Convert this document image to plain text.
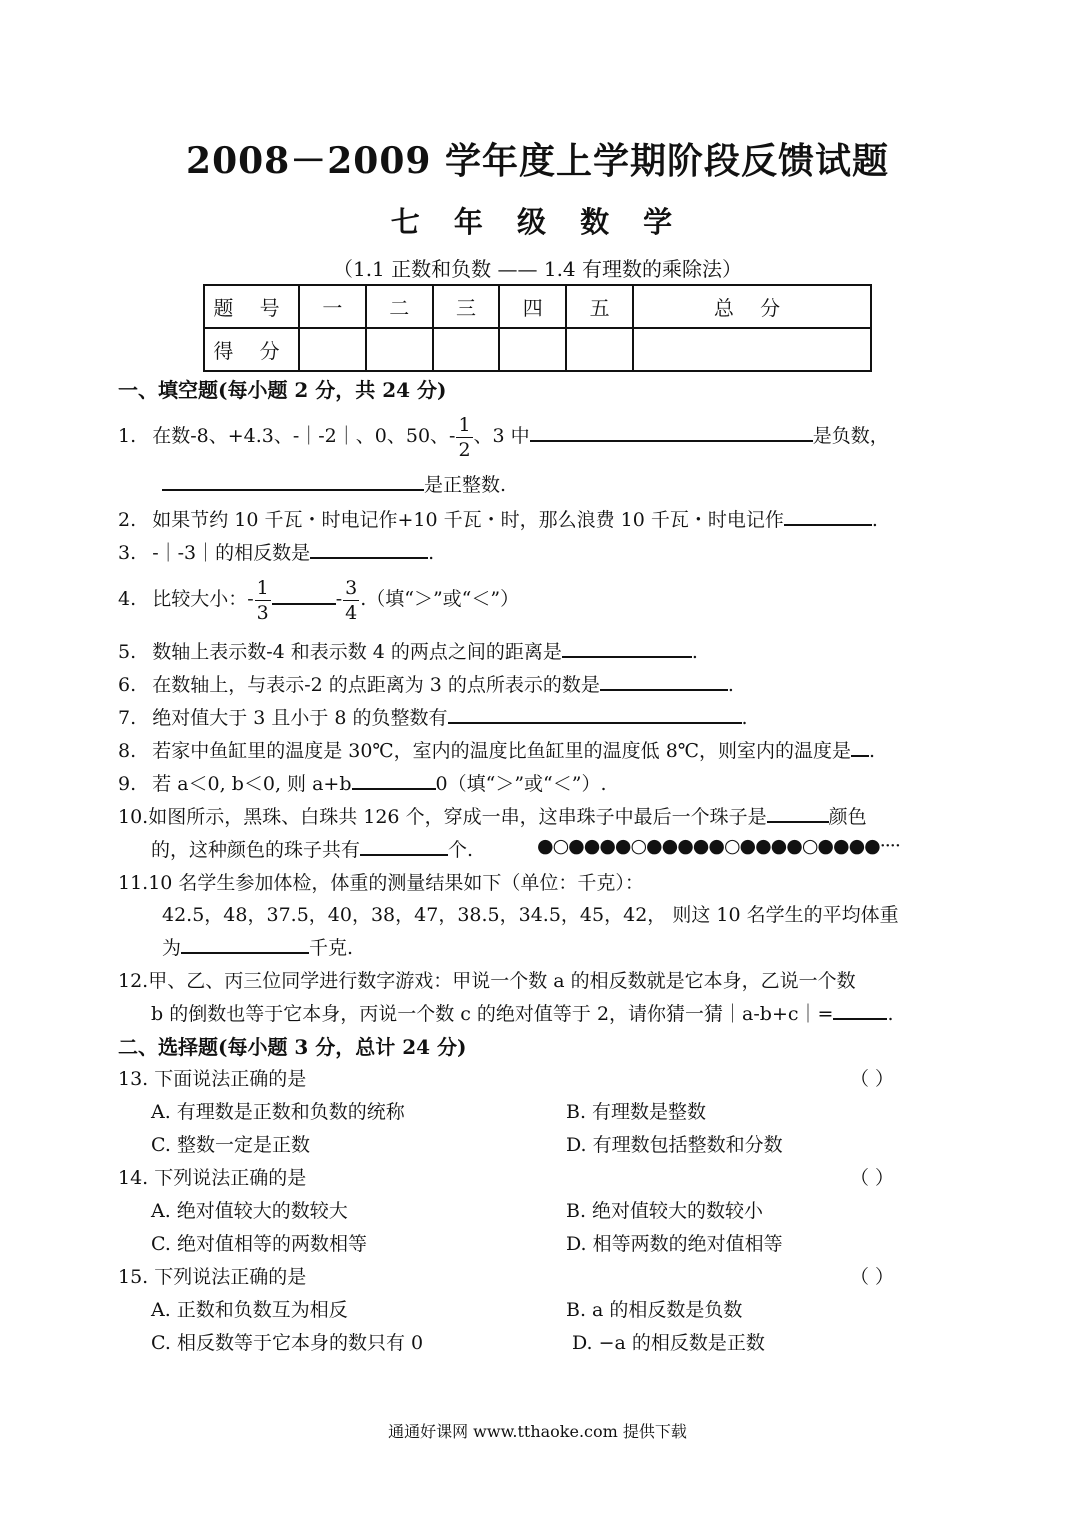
2008－2009 学年度上学期阶段反馈试题
七 年 级 数 学
（1.1 正数和负数 —— 1.4 有理数的乘除法）
题 号	一	二	三	四	五	总 分
得 分						
一、填空题(每小题 2 分，共 24 分)
1. 在数-8、+4.3、-｜-2｜、0、50、- $\frac{1}{2}$ 、3 中	是负数，
是正整数.
2. 如果节约 10 千瓦・时电记作+10 千瓦・时，那么浪费 10 千瓦・时电记作	.
3. -｜-3｜的相反数是	.
4. 比较大小：- $\frac{1}{3}$	- $\frac{3}{4}$ .（填“＞”或“＜”）
5. 数轴上表示数-4 和表示数 4 的两点之间的距离是	.
6. 在数轴上，与表示-2 的点距离为 3 的点所表示的数是	.
7. 绝对值大于 3 且小于 8 的负整数有	.
8. 若家中鱼缸里的温度是 30℃，室内的温度比鱼缸里的温度低 8℃，则室内的温度是 .
9. 若 a＜0, b＜0, 则 a+b	0（填“＞”或“＜”）.
10.如图所示，黑珠、白珠共 126 个，穿成一串，这串珠子中最后一个珠子是	颜色
的，这种颜色的珠子共有	个.	●○●●●●○●●●●●○●●●●○●●●●····
11.10 名学生参加体检，体重的测量结果如下（单位：千克）：
42.5，48，37.5，40，38，47，38.5，34.5，45，42， 则这 10 名学生的平均体重
为	千克.
12.甲、乙、丙三位同学进行数字游戏：甲说一个数 a 的相反数就是它本身，乙说一个数
b 的倒数也等于它本身，丙说一个数 c 的绝对值等于 2，请你猜一猜｜a-b+c｜=	.
二、选择题(每小题 3 分，总计 24 分)
13. 下面说法正确的是	（ ）
A. 有理数是正数和负数的统称	B. 有理数是整数
C. 整数一定是正数	D. 有理数包括整数和分数
14. 下列说法正确的是	（ ）
A. 绝对值较大的数较大	B. 绝对值较大的数较小
C. 绝对值相等的两数相等	D. 相等两数的绝对值相等
15. 下列说法正确的是	（ ）
A. 正数和负数互为相反	B. a 的相反数是负数
C. 相反数等于它本身的数只有 0	D. −a 的相反数是正数
通通好课网 www.tthaoke.com 提供下载
